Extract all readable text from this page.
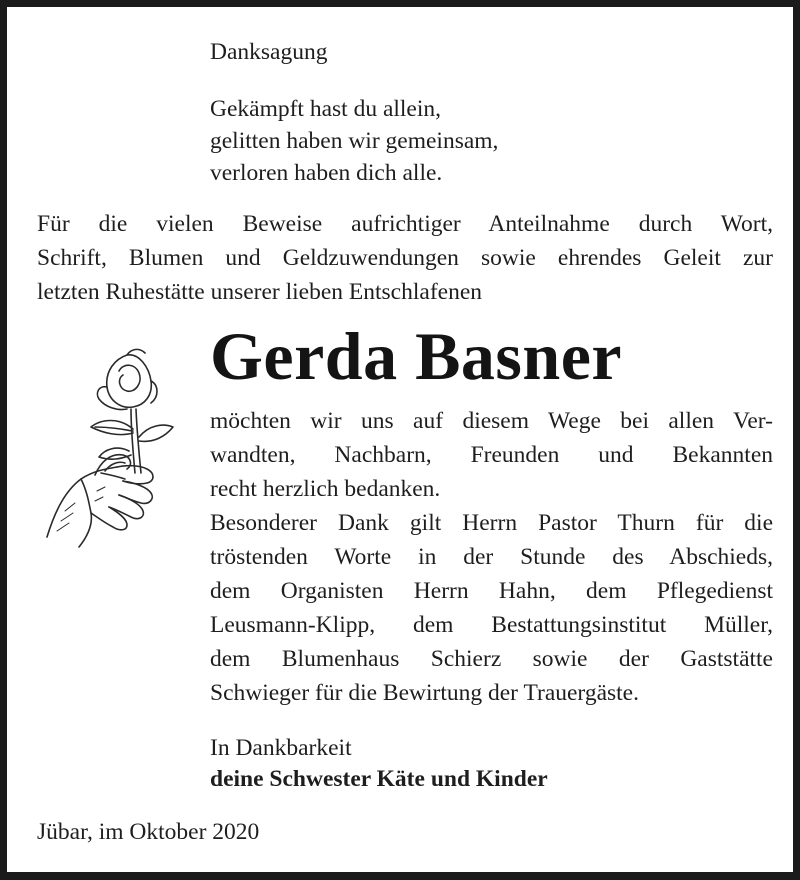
Danksagung

Gekämpft hast du allein,
gelitten haben wir gemeinsam,
verloren haben dich alle.
Für die vielen Beweise aufrichtiger Anteilnahme durch Wort,
Schrift, Blumen und Geldzuwendungen sowie ehrendes Geleit zur
letzten Ruhestätte unserer lieben Entschlafenen
Gerda Basner
möchten wir uns auf diesem Wege bei allen Ver-
wandten, Nachbarn, Freunden und Bekannten
recht herzlich bedanken.
Besonderer Dank gilt Herrn Pastor Thurn für die
tröstenden Worte in der Stunde des Abschieds,
dem Organisten Herrn Hahn, dem Pflegedienst
Leusmann-Klipp, dem Bestattungsinstitut Müller,
dem Blumenhaus Schierz sowie der Gaststätte
Schwieger für die Bewirtung der Trauergäste.
In Dankbarkeit
deine Schwester Käte und Kinder

Jübar, im Oktober 2020
